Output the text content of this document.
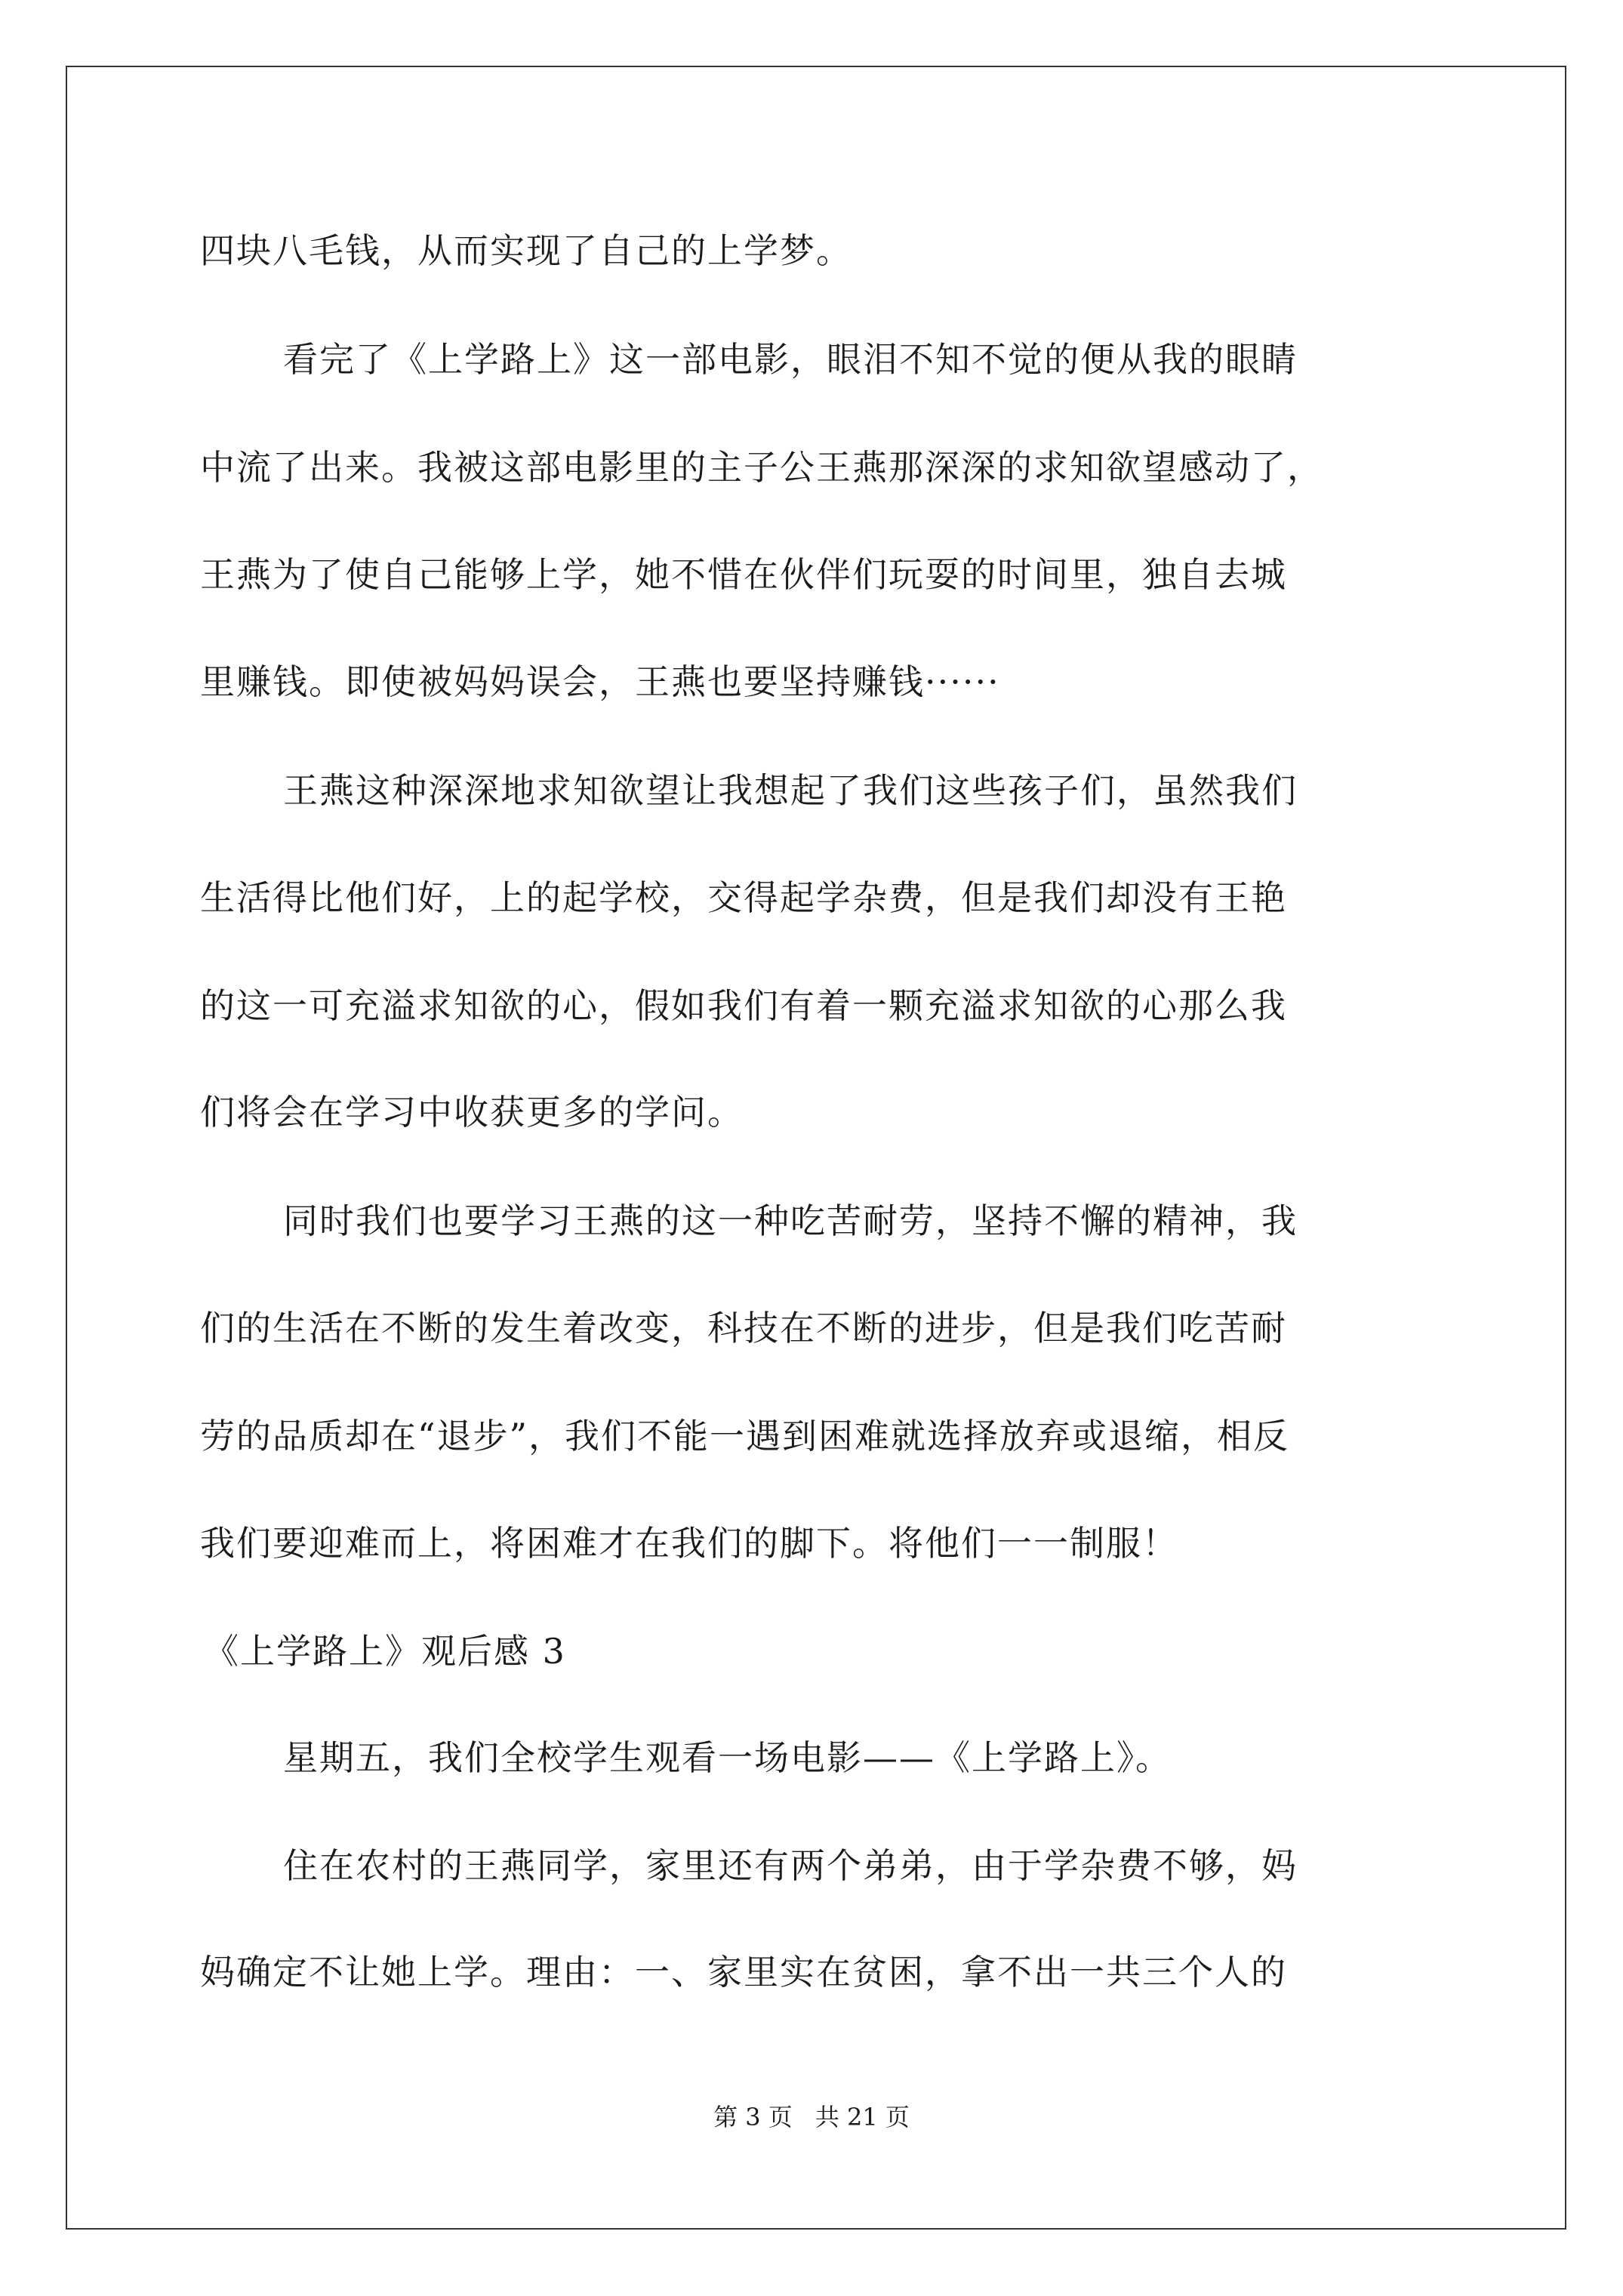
四块八毛钱，从而实现了自己的上学梦。
看完了《上学路上》这一部电影，眼泪不知不觉的便从我的眼睛
中流了出来。我被这部电影里的主子公王燕那深深的求知欲望感动了，
王燕为了使自己能够上学，她不惜在伙伴们玩耍的时间里，独自去城
里赚钱。即使被妈妈误会，王燕也要坚持赚钱······
王燕这种深深地求知欲望让我想起了我们这些孩子们，虽然我们
生活得比他们好，上的起学校，交得起学杂费，但是我们却没有王艳
的这一可充溢求知欲的心，假如我们有着一颗充溢求知欲的心那么我
们将会在学习中收获更多的学问。
同时我们也要学习王燕的这一种吃苦耐劳，坚持不懈的精神，我
们的生活在不断的发生着改变，科技在不断的进步，但是我们吃苦耐
劳的品质却在“退步”，我们不能一遇到困难就选择放弃或退缩，相反
我们要迎难而上，将困难才在我们的脚下。将他们一一制服！
《上学路上》观后感 3
星期五，我们全校学生观看一场电影——《上学路上》。
住在农村的王燕同学，家里还有两个弟弟，由于学杂费不够，妈
妈确定不让她上学。理由：一、家里实在贫困，拿不出一共三个人的
第 3 页 共 21 页
